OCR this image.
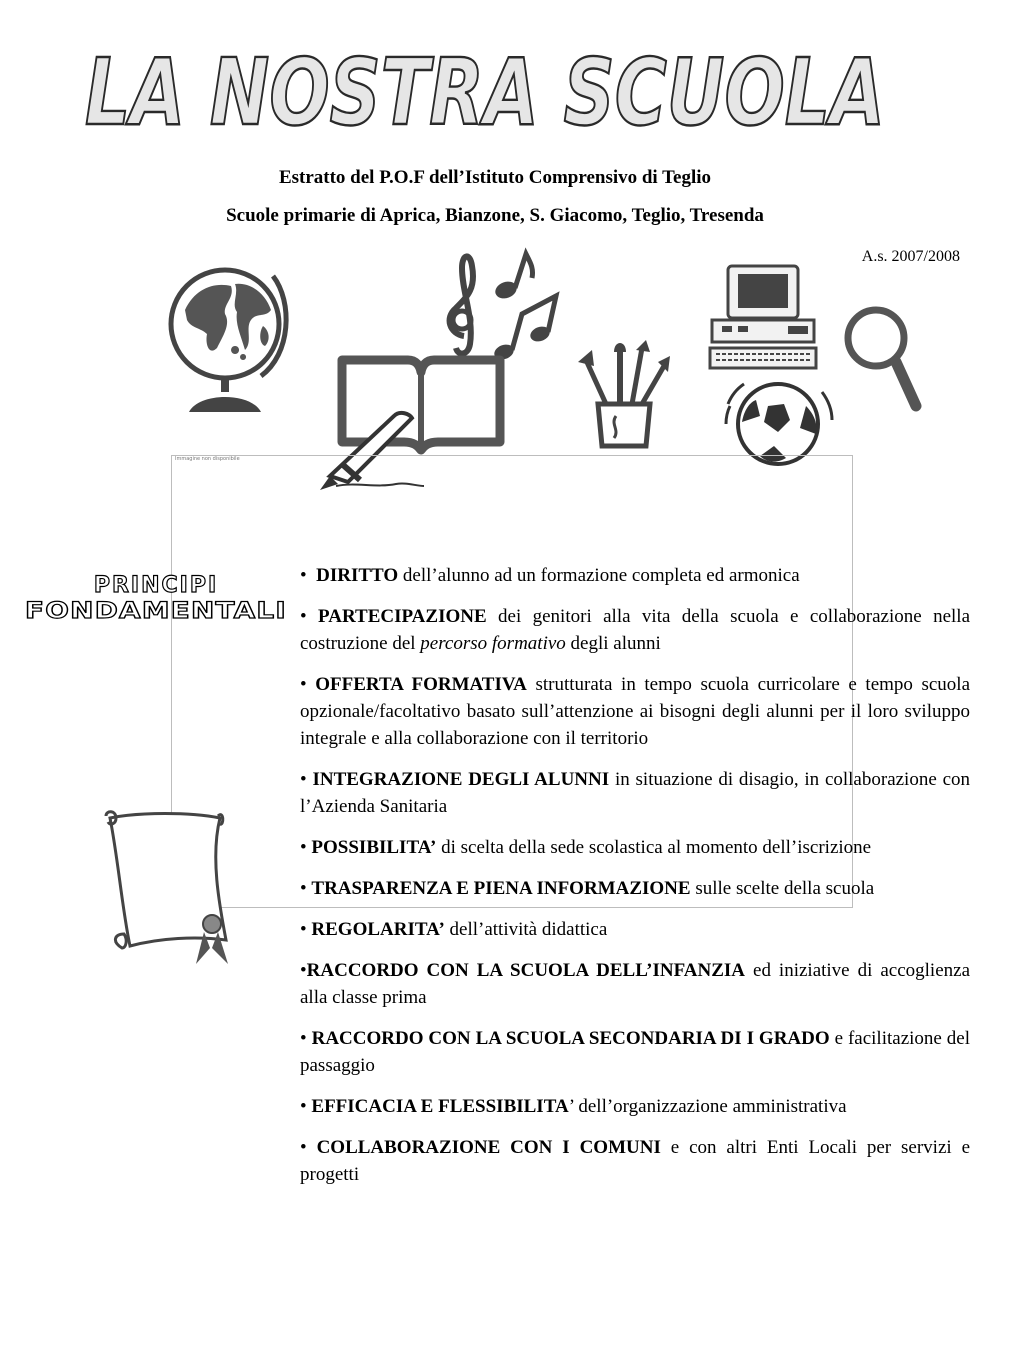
LA NOSTRA SCUOLA
Estratto del P.O.F dell’Istituto Comprensivo di Teglio
Scuole primarie di Aprica, Bianzone, S. Giacomo, Teglio, Tresenda
A.s. 2007/2008
Immagine non disponibile
PRINCIPI
FONDAMENTALI
• DIRITTO dell’alunno ad un formazione completa ed armonica
• PARTECIPAZIONE dei genitori alla vita della scuola e collaborazione nella costruzione del percorso formativo degli alunni
• OFFERTA FORMATIVA strutturata in tempo scuola curricolare e tempo scuola opzionale/facoltativo basato sull’attenzione ai bisogni degli alunni per il loro sviluppo integrale e alla collaborazione con il territorio
• INTEGRAZIONE DEGLI ALUNNI in situazione di disagio, in collaborazione con l’Azienda Sanitaria
• POSSIBILITA’ di scelta della sede scolastica al momento dell’iscrizione
• TRASPARENZA E PIENA INFORMAZIONE sulle scelte della scuola
• REGOLARITA’ dell’attività didattica
•RACCORDO CON LA SCUOLA DELL’INFANZIA ed iniziative di accoglienza alla classe prima
• RACCORDO CON LA SCUOLA SECONDARIA DI I GRADO e facilitazione del passaggio
• EFFICACIA E FLESSIBILITA’ dell’organizzazione amministrativa
• COLLABORAZIONE CON I COMUNI e con altri Enti Locali per servizi e progetti
